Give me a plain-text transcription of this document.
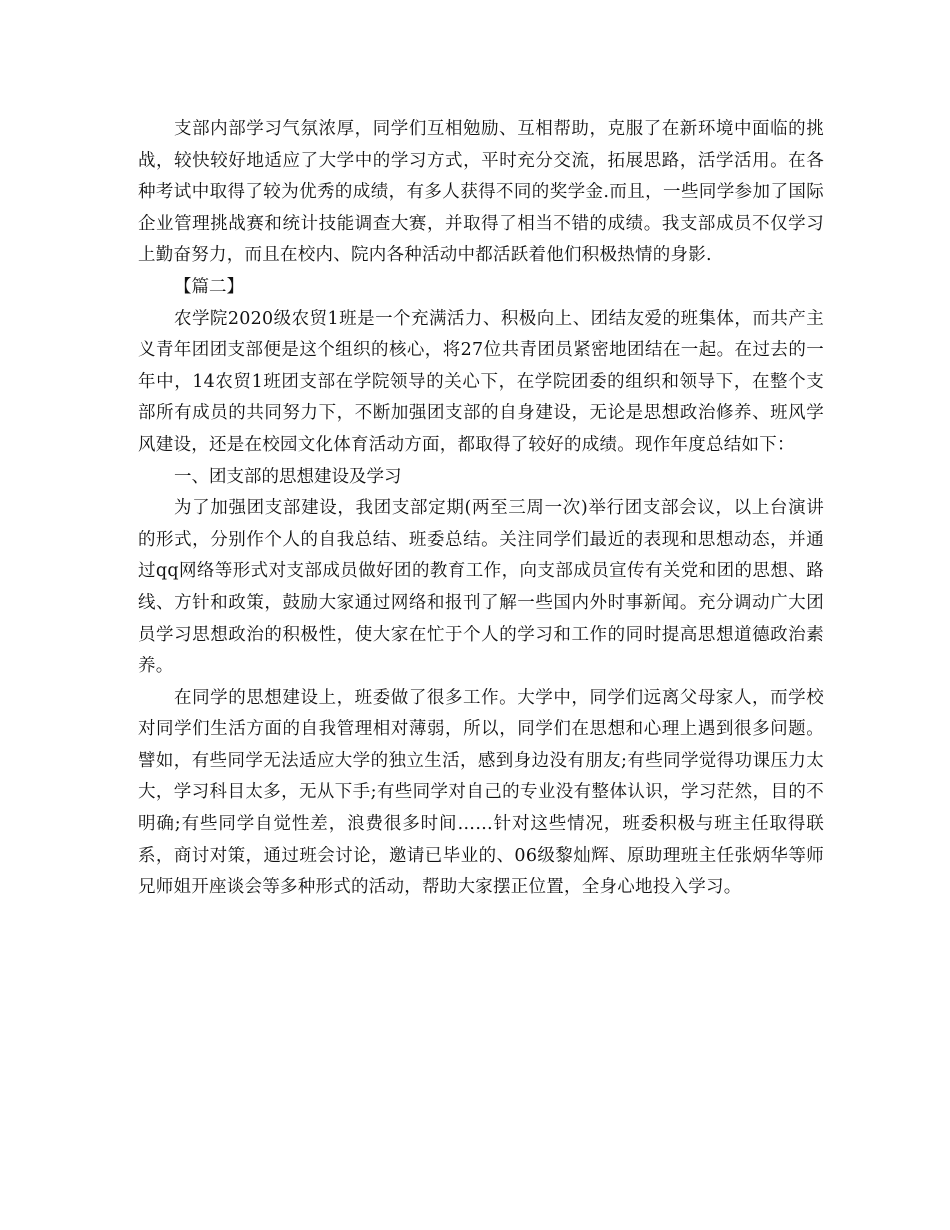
支部内部学习气氛浓厚，同学们互相勉励、互相帮助，克服了在新环境中面临的挑战，较快较好地适应了大学中的学习方式，平时充分交流，拓展思路，活学活用。在各种考试中取得了较为优秀的成绩，有多人获得不同的奖学金.而且，一些同学参加了国际企业管理挑战赛和统计技能调查大赛，并取得了相当不错的成绩。我支部成员不仅学习上勤奋努力，而且在校内、院内各种活动中都活跃着他们积极热情的身影.

【篇二】

农学院2020级农贸1班是一个充满活力、积极向上、团结友爱的班集体，而共产主义青年团团支部便是这个组织的核心，将27位共青团员紧密地团结在一起。在过去的一年中，14农贸1班团支部在学院领导的关心下，在学院团委的组织和领导下，在整个支部所有成员的共同努力下，不断加强团支部的自身建设，无论是思想政治修养、班风学风建设，还是在校园文化体育活动方面，都取得了较好的成绩。现作年度总结如下：

一、团支部的思想建设及学习

为了加强团支部建设，我团支部定期(两至三周一次)举行团支部会议，以上台演讲的形式，分别作个人的自我总结、班委总结。关注同学们最近的表现和思想动态，并通过qq网络等形式对支部成员做好团的教育工作，向支部成员宣传有关党和团的思想、路线、方针和政策，鼓励大家通过网络和报刊了解一些国内外时事新闻。充分调动广大团员学习思想政治的积极性，使大家在忙于个人的学习和工作的同时提高思想道德政治素养。

在同学的思想建设上，班委做了很多工作。大学中，同学们远离父母家人，而学校对同学们生活方面的自我管理相对薄弱，所以，同学们在思想和心理上遇到很多问题。譬如，有些同学无法适应大学的独立生活，感到身边没有朋友;有些同学觉得功课压力太大，学习科目太多，无从下手;有些同学对自己的专业没有整体认识，学习茫然，目的不明确;有些同学自觉性差，浪费很多时间……针对这些情况，班委积极与班主任取得联系，商讨对策，通过班会讨论，邀请已毕业的、06级黎灿辉、原助理班主任张炳华等师兄师姐开座谈会等多种形式的活动，帮助大家摆正位置，全身心地投入学习。
